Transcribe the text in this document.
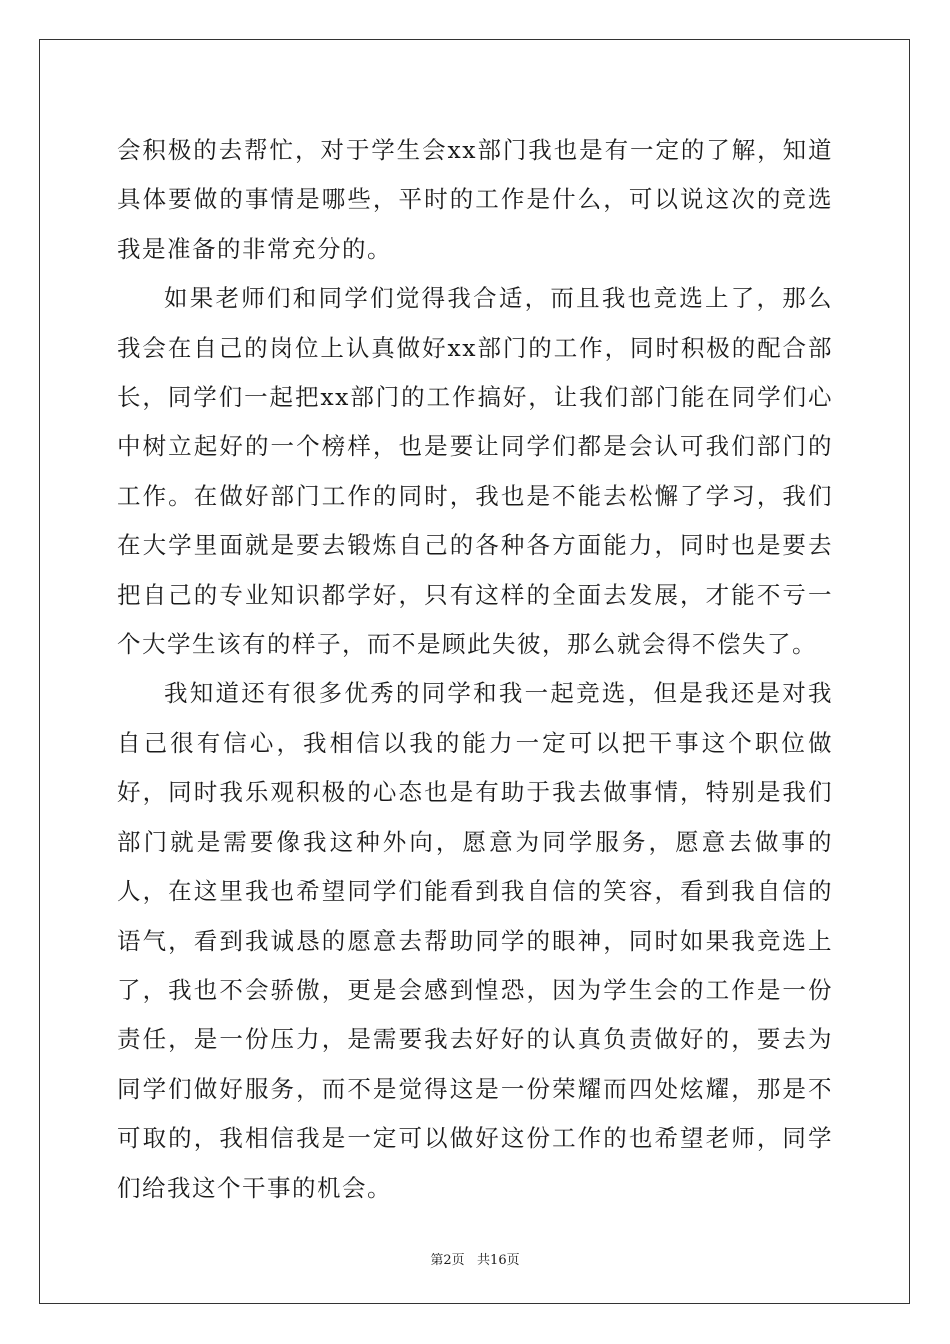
会积极的去帮忙，对于学生会xx部门我也是有一定的了解，知道具体要做的事情是哪些，平时的工作是什么，可以说这次的竞选我是准备的非常充分的。

如果老师们和同学们觉得我合适，而且我也竞选上了，那么我会在自己的岗位上认真做好xx部门的工作，同时积极的配合部长，同学们一起把xx部门的工作搞好，让我们部门能在同学们心中树立起好的一个榜样，也是要让同学们都是会认可我们部门的工作。在做好部门工作的同时，我也是不能去松懈了学习，我们在大学里面就是要去锻炼自己的各种各方面能力，同时也是要去把自己的专业知识都学好，只有这样的全面去发展，才能不亏一个大学生该有的样子，而不是顾此失彼，那么就会得不偿失了。

我知道还有很多优秀的同学和我一起竞选，但是我还是对我自己很有信心，我相信以我的能力一定可以把干事这个职位做好，同时我乐观积极的心态也是有助于我去做事情，特别是我们部门就是需要像我这种外向，愿意为同学服务，愿意去做事的人，在这里我也希望同学们能看到我自信的笑容，看到我自信的语气，看到我诚恳的愿意去帮助同学的眼神，同时如果我竞选上了，我也不会骄傲，更是会感到惶恐，因为学生会的工作是一份责任，是一份压力，是需要我去好好的认真负责做好的，要去为同学们做好服务，而不是觉得这是一份荣耀而四处炫耀，那是不可取的，我相信我是一定可以做好这份工作的也希望老师，同学们给我这个干事的机会。

第2页   共16页
